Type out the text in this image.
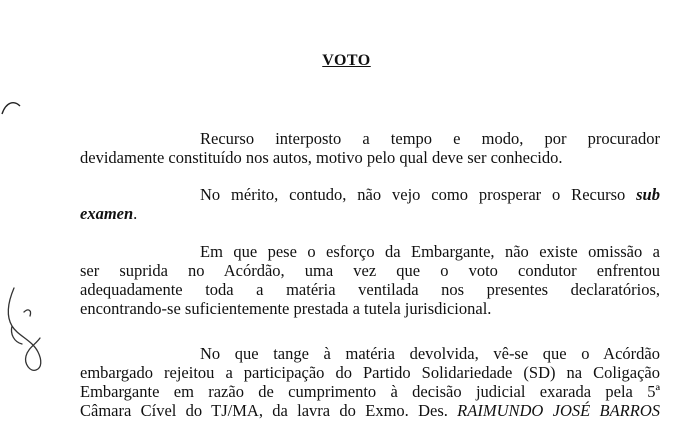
VOTO
Recurso interposto a tempo e modo, por procurador
devidamente constituído nos autos, motivo pelo qual deve ser conhecido.
No mérito, contudo, não vejo como prosperar o Recurso sub
examen.
Em que pese o esforço da Embargante, não existe omissão a
ser suprida no Acórdão, uma vez que o voto condutor enfrentou
adequadamente toda a matéria ventilada nos presentes declaratórios,
encontrando-se suficientemente prestada a tutela jurisdicional.
No que tange à matéria devolvida, vê-se que o Acórdão
embargado rejeitou a participação do Partido Solidariedade (SD) na Coligação
Embargante em razão de cumprimento à decisão judicial exarada pela 5ª
Câmara Cível do TJ/MA, da lavra do Exmo. Des. RAIMUNDO JOSÉ BARROS
